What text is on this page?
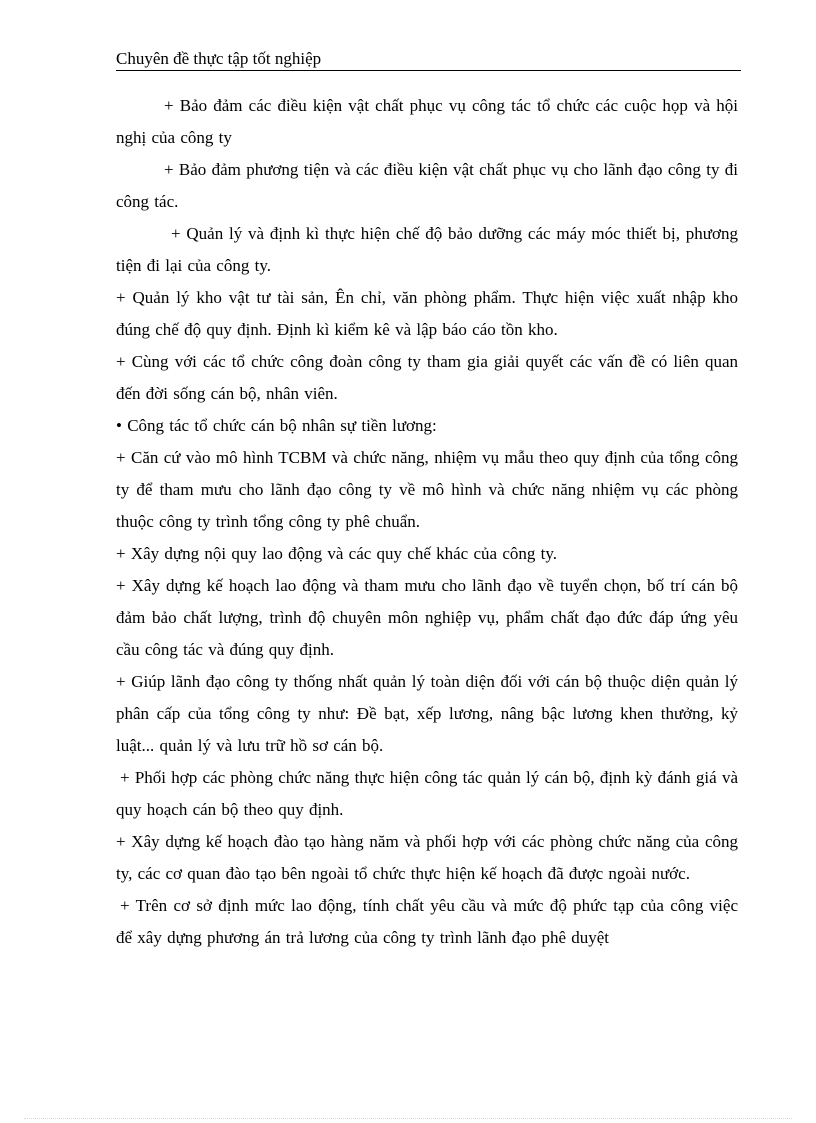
Chuyên đề thực tập tốt nghiệp

+ Bảo đảm các điều kiện vật chất phục vụ công tác tổ chức các cuộc họp và hội nghị của công ty

+ Bảo đảm phương tiện và các điều kiện vật chất phục vụ cho lãnh đạo công ty đi công tác.

+ Quản lý và định kì thực hiện chế độ bảo dưỡng các máy móc thiết bị, phương tiện đi lại của công ty.

+ Quản lý kho vật tư tài sản, Ên chỉ, văn phòng phẩm. Thực hiện việc xuất nhập kho đúng chế độ quy định. Định kì kiểm kê và lập báo cáo tồn kho.

+ Cùng với các tổ chức công đoàn công ty tham gia giải quyết các vấn đề có liên quan đến đời sống cán bộ, nhân viên.

• Công tác tổ chức cán bộ nhân sự tiền lương:

+ Căn cứ vào mô hình TCBM và chức năng, nhiệm vụ mẫu theo quy định của tổng công ty để tham mưu cho lãnh đạo công ty về mô hình và chức năng nhiệm vụ các phòng thuộc công ty trình tổng công ty phê chuẩn.

+ Xây dựng nội quy lao động và các quy chế khác của công ty.

+ Xây dựng kế hoạch lao động và tham mưu cho lãnh đạo về tuyển chọn, bố trí cán bộ đảm bảo chất lượng, trình độ chuyên môn nghiệp vụ, phẩm chất đạo đức đáp ứng yêu cầu công tác và đúng quy định.

+ Giúp lãnh đạo công ty thống nhất quản lý toàn diện đối với cán bộ thuộc diện quản lý phân cấp của tổng công ty như: Đề bạt, xếp lương, nâng bậc lương khen thưởng, kỷ luật... quản lý và lưu trữ hồ sơ cán bộ.

+ Phối hợp các phòng chức năng thực hiện công tác quản lý cán bộ, định kỳ đánh giá và quy hoạch cán bộ theo quy định.

+ Xây dựng kế hoạch đào tạo hàng năm và phối hợp với các phòng chức năng của công ty, các cơ quan đào tạo bên ngoài tổ chức thực hiện kế hoạch đã được ngoài nước.

+ Trên cơ sở định mức lao động, tính chất yêu cầu và mức độ phức tạp của công việc để xây dựng phương án trả lương của công ty trình lãnh đạo phê duyệt
